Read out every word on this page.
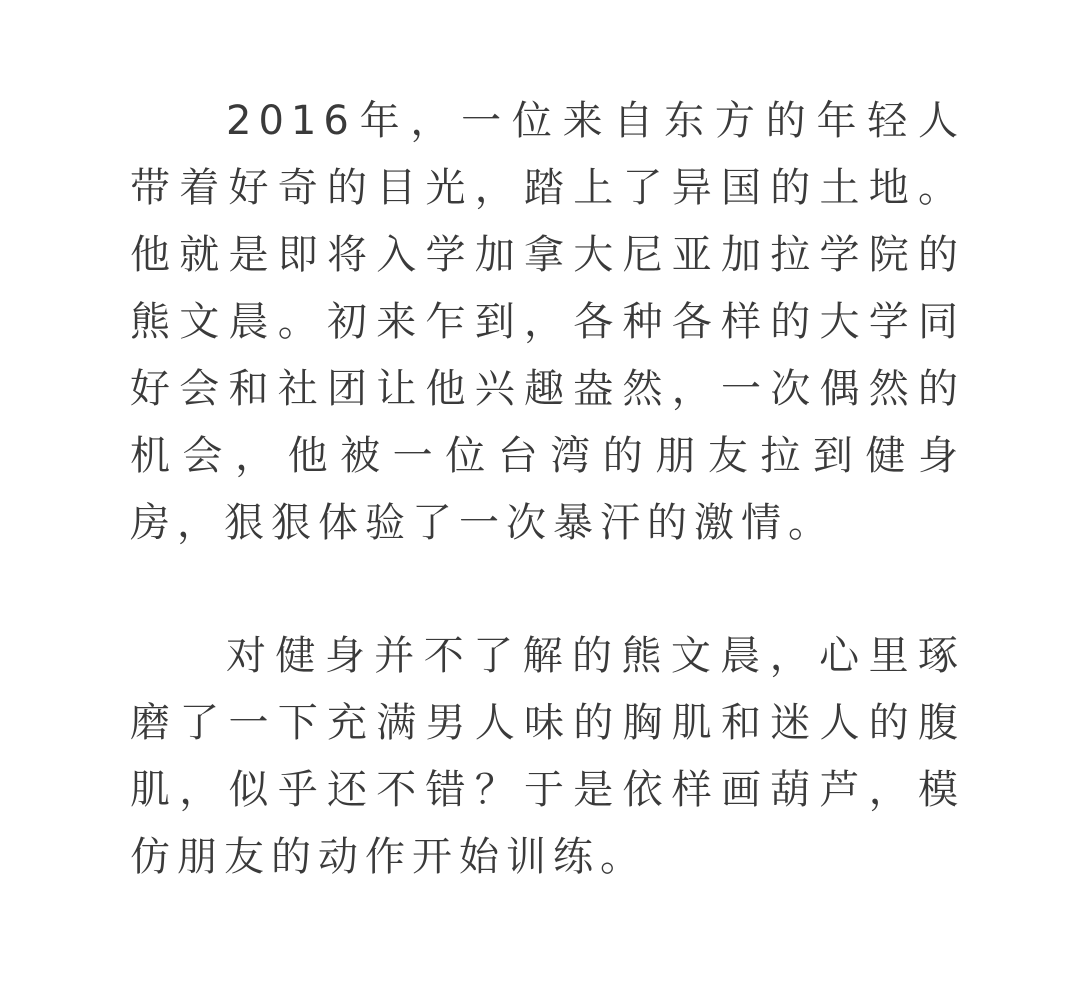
2016年，一位来自东方的年轻人带着好奇的目光，踏上了异国的土地。他就是即将入学加拿大尼亚加拉学院的熊文晨。初来乍到，各种各样的大学同好会和社团让他兴趣盎然，一次偶然的机会，他被一位台湾的朋友拉到健身房，狠狠体验了一次暴汗的激情。

对健身并不了解的熊文晨，心里琢磨了一下充满男人味的胸肌和迷人的腹肌，似乎还不错？于是依样画葫芦，模仿朋友的动作开始训练。
